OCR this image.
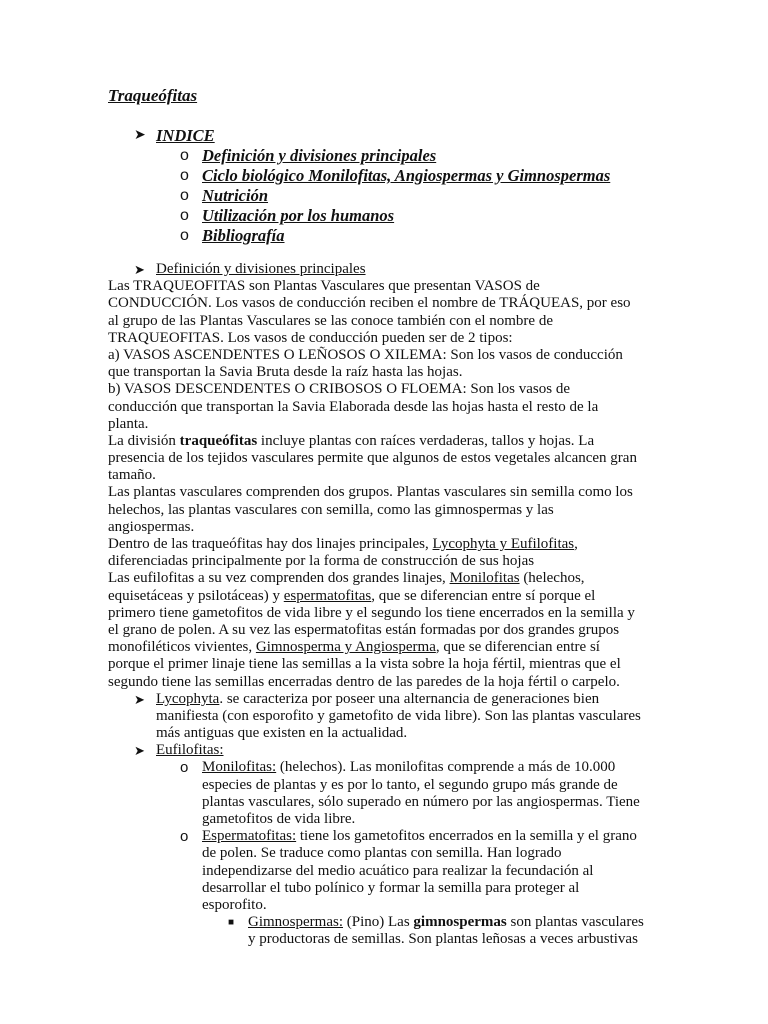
Traqueófitas
➤ INDICE
o Definición y divisiones principales
o Ciclo biológico Monilofitas, Angiospermas y Gimnospermas
o Nutrición
o Utilización por los humanos
o Bibliografía
➤ Definición y divisiones principales
Las TRAQUEOFITAS son Plantas Vasculares que presentan VASOS de
CONDUCCIÓN. Los vasos de conducción reciben el nombre de TRÁQUEAS, por eso
al grupo de las Plantas Vasculares se las conoce también con el nombre de
TRAQUEOFITAS. Los vasos de conducción pueden ser de 2 tipos:
a) VASOS ASCENDENTES O LEÑOSOS O XILEMA: Son los vasos de conducción
que transportan la Savia Bruta desde la raíz hasta las hojas.
b) VASOS DESCENDENTES O CRIBOSOS O FLOEMA: Son los vasos de
conducción que transportan la Savia Elaborada desde las hojas hasta el resto de la
planta.
La división traqueófitas incluye plantas con raíces verdaderas, tallos y hojas. La
presencia de los tejidos vasculares permite que algunos de estos vegetales alcancen gran
tamaño.
Las plantas vasculares comprenden dos grupos. Plantas vasculares sin semilla como los
helechos, las plantas vasculares con semilla, como las gimnospermas y las
angiospermas.
Dentro de las traqueófitas hay dos linajes principales, Lycophyta y Eufilofitas,
diferenciadas principalmente por la forma de construcción de sus hojas
Las eufilofitas a su vez comprenden dos grandes linajes, Monilofitas (helechos,
equisetáceas y psilotáceas) y espermatofitas, que se diferencian entre sí porque el
primero tiene gametofitos de vida libre y el segundo los tiene encerrados en la semilla y
el grano de polen. A su vez las espermatofitas están formadas por dos grandes grupos
monofiléticos vivientes, Gimnosperma y Angiosperma, que se diferencian entre sí
porque el primer linaje tiene las semillas a la vista sobre la hoja fértil, mientras que el
segundo tiene las semillas encerradas dentro de las paredes de la hoja fértil o carpelo.
➤ Lycophyta. se caracteriza por poseer una alternancia de generaciones bien
manifiesta (con esporofito y gametofito de vida libre). Son las plantas vasculares
más antiguas que existen en la actualidad.
➤ Eufilofitas:
o Monilofitas: (helechos). Las monilofitas comprende a más de 10.000
especies de plantas y es por lo tanto, el segundo grupo más grande de
plantas vasculares, sólo superado en número por las angiospermas. Tiene
gametofitos de vida libre.
o Espermatofitas: tiene los gametofitos encerrados en la semilla y el grano
de polen. Se traduce como plantas con semilla. Han logrado
independizarse del medio acuático para realizar la fecundación al
desarrollar el tubo polínico y formar la semilla para proteger al
esporofito.
■ Gimnospermas: (Pino) Las gimnospermas son plantas vasculares
y productoras de semillas. Son plantas leñosas a veces arbustivas
